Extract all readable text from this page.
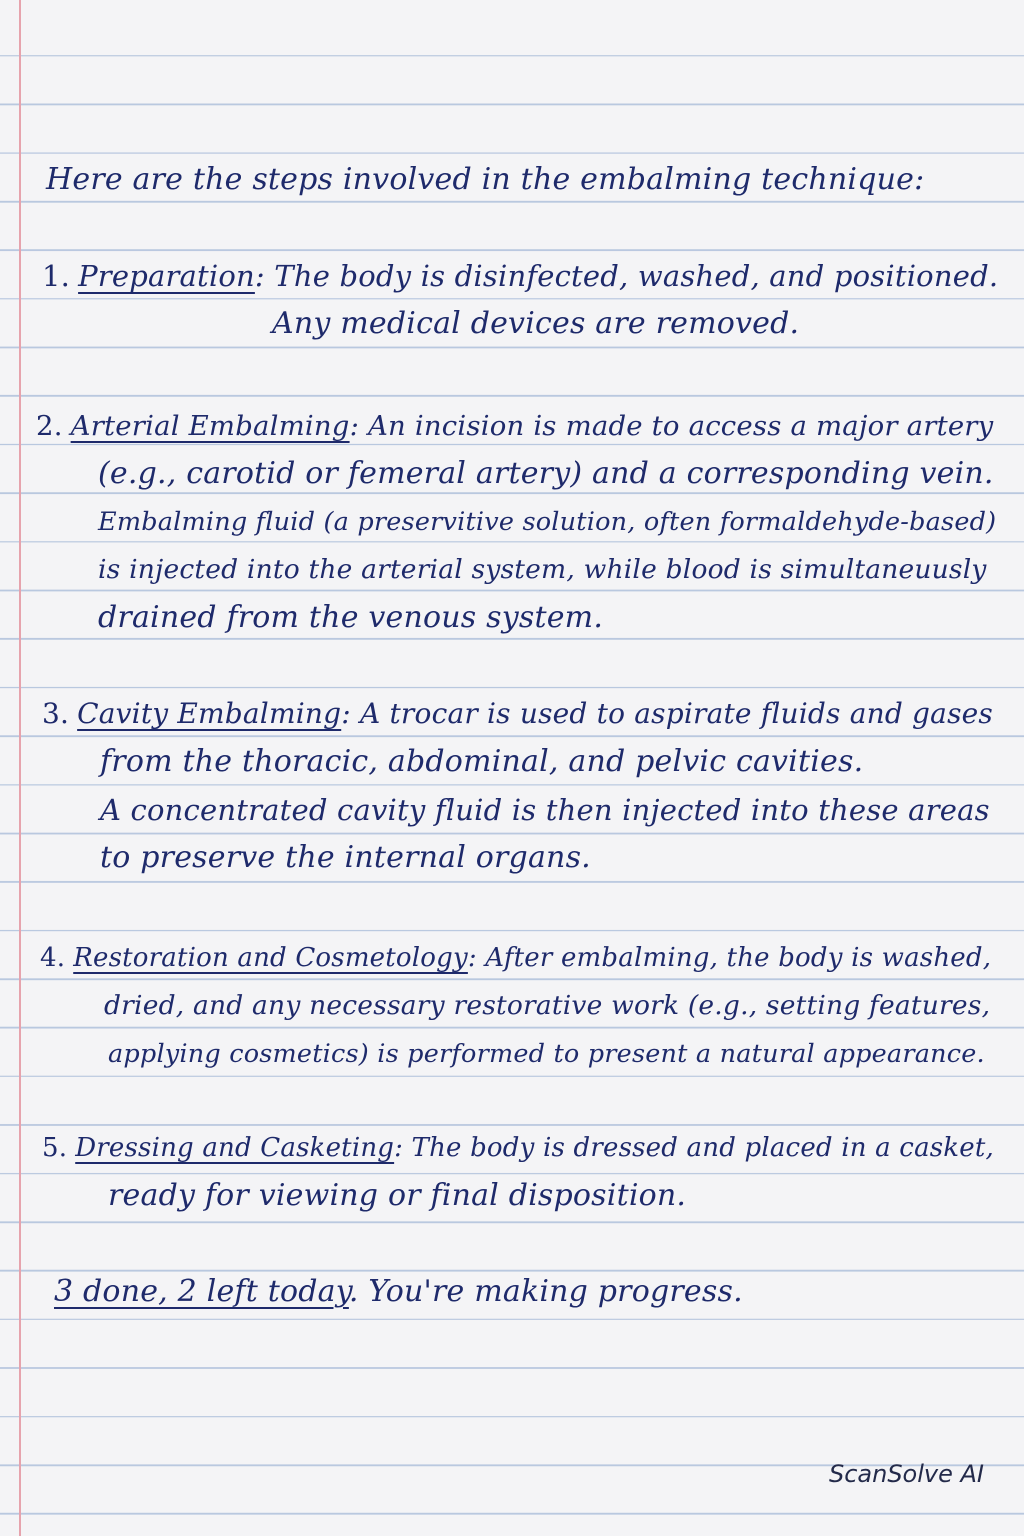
Here are the steps involved in the embalming technique:
1. Preparation: The body is disinfected, washed, and positioned.
Any medical devices are removed.
2. Arterial Embalming: An incision is made to access a major artery
(e.g., carotid or femeral artery) and a corresponding vein.
Embalming fluid (a preservitive solution, often formaldehyde-based)
is injected into the arterial system, while blood is simultaneuusly
drained from the venous system.
3. Cavity Embalming: A trocar is used to aspirate fluids and gases
from the thoracic, abdominal, and pelvic cavities.
A concentrated cavity fluid is then injected into these areas
to preserve the internal organs.
4. Restoration and Cosmetology: After embalming, the body is washed,
dried, and any necessary restorative work (e.g., setting features,
applying cosmetics) is performed to present a natural appearance.
5. Dressing and Casketing: The body is dressed and placed in a casket,
ready for viewing or final disposition.
3 done, 2 left today. You're making progress.
ScanSolve AI
